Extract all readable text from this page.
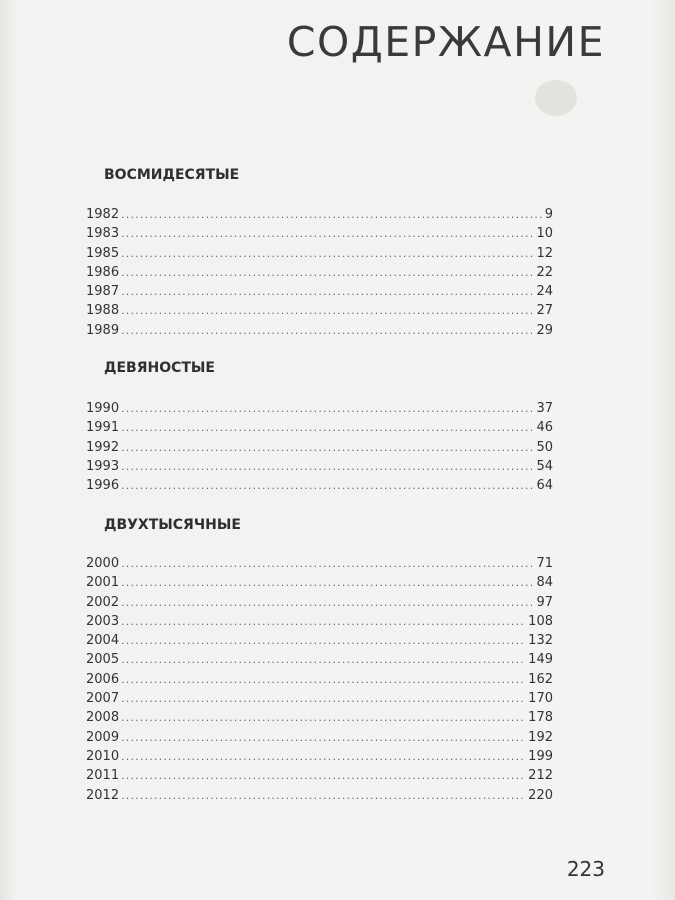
СОДЕРЖАНИЕ
ВОСМИДЕСЯТЫЕ
1982 .....	9
1983 .....	10
1985 .....	12
1986 .....	22
1987 .....	24
1988 .....	27
1989 .....	29
ДЕВЯНОСТЫЕ
1990 .....	37
1991 .....	46
1992 .....	50
1993 .....	54
1996 .....	64
ДВУХТЫСЯЧНЫЕ
2000 .....	71
2001 .....	84
2002 .....	97
2003 .....	108
2004 .....	132
2005 .....	149
2006 .....	162
2007 .....	170
2008 .....	178
2009 .....	192
2010 .....	199
2011 .....	212
2012 .....	220
223
